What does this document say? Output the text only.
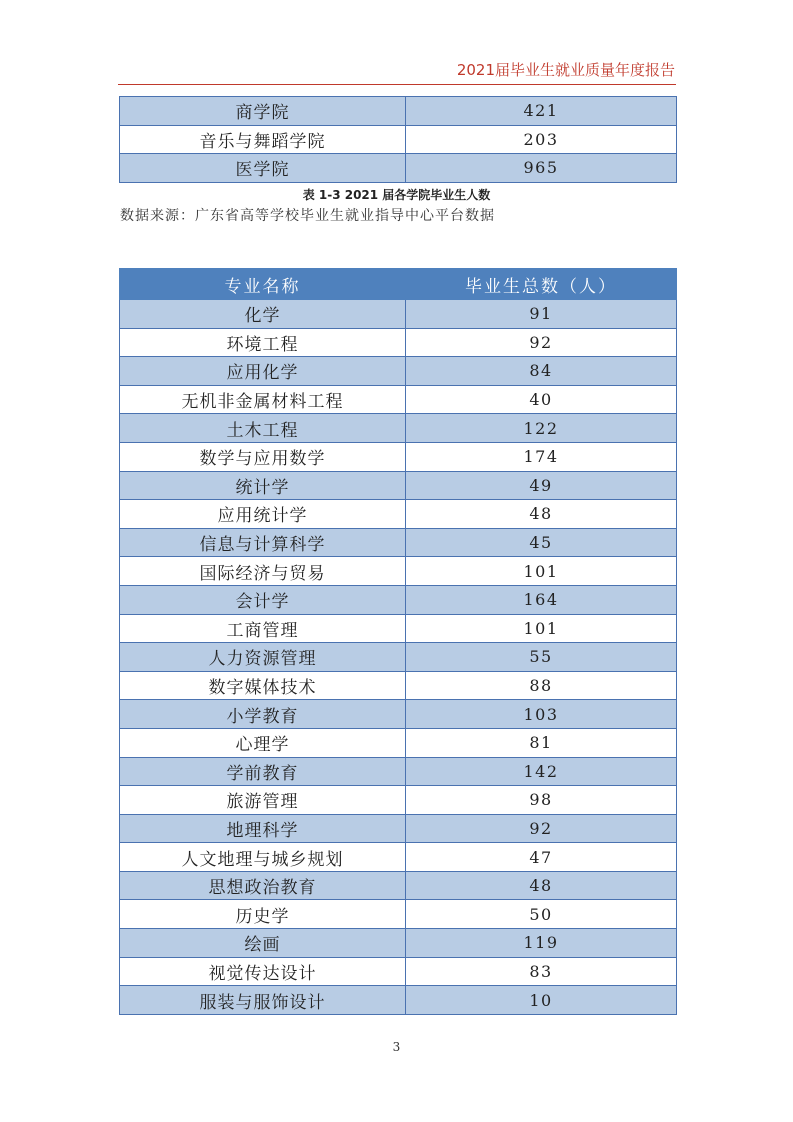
2021届毕业生就业质量年度报告
商学院	421
音乐与舞蹈学院	203
医学院	965
表 1-3 2021 届各学院毕业生人数
数据来源：广东省高等学校毕业生就业指导中心平台数据
专业名称	毕业生总数（人）
化学	91
环境工程	92
应用化学	84
无机非金属材料工程	40
土木工程	122
数学与应用数学	174
统计学	49
应用统计学	48
信息与计算科学	45
国际经济与贸易	101
会计学	164
工商管理	101
人力资源管理	55
数字媒体技术	88
小学教育	103
心理学	81
学前教育	142
旅游管理	98
地理科学	92
人文地理与城乡规划	47
思想政治教育	48
历史学	50
绘画	119
视觉传达设计	83
服装与服饰设计	10
3
